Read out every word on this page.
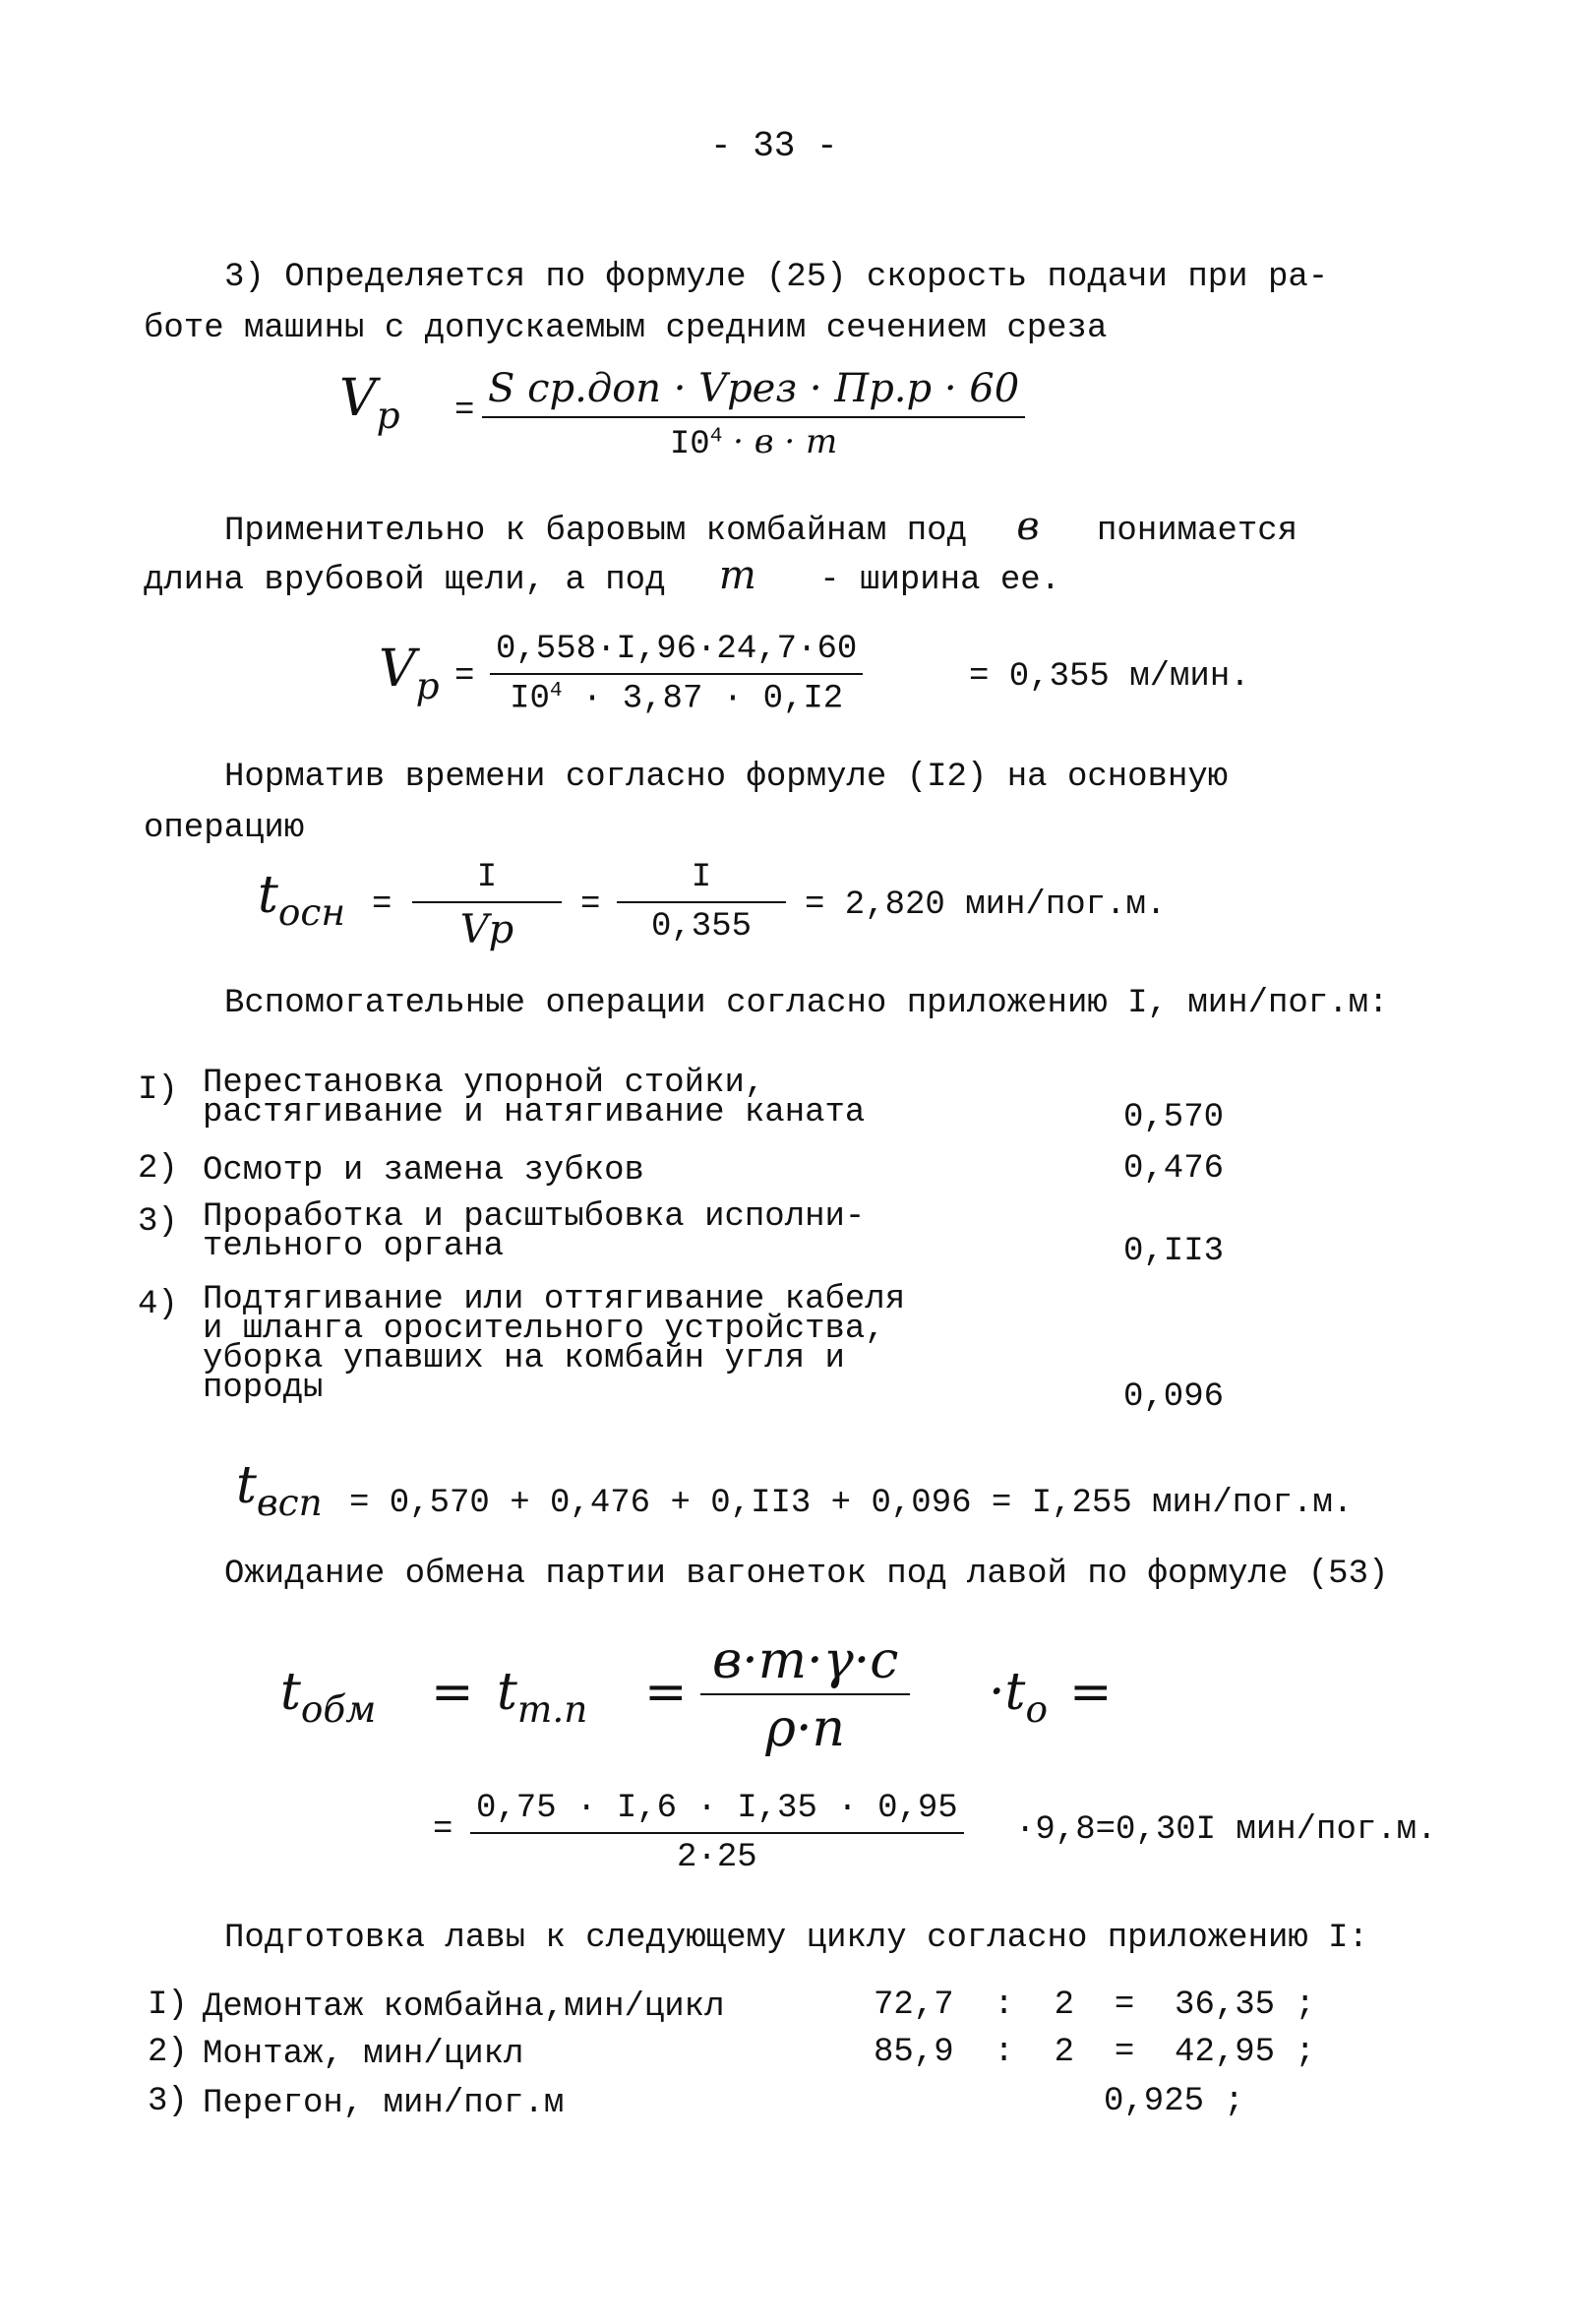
- 33 -
3) Определяется по формуле (25) скорость подачи при ра-
боте машины с допускаемым средним сечением среза
$V_р = S$ ср.доп · Vрез · Пр.р · 60
$I0^4 \cdot в \cdot m$
Применительно к баровым комбайнам под в понимается
длина врубовой щели, а под m - ширина ее.
$V_р = \frac{0,558\cdot I,96\cdot 24,7\cdot 60}{I0^4 \cdot 3,87 \cdot 0,I2}$	= 0,355 м/мин.
Норматив времени согласно формуле (I2) на основную
операцию
$t_{осн}$ =
I
Vр
= $\frac{I}{0,355} = 2,820$ мин/пог.м.
Вспомогательные операции согласно приложению I, мин/пог.м:
I) Перестановка упорной стойки,
растягивание и натягивание каната	0,570
2) Осмотр и замена зубков	0,476
3) Проработка и расштыбовка исполни-
тельного органа	0,II3
4) Подтягивание или оттягивание кабеля
и шланга оросительного устройства,
уборка упавших на комбайн угля и
породы	0,096
$t_{всп} = 0,570 + 0,476 + 0,II3 + 0,096 = I,255$ мин/пог.м.
Ожидание обмена партии вагонеток под лавой по формуле (53)
$t_{обм} = t_{m.n}$ =
в·m·γ·c
ρ·n
$\cdot t_o$ =
= $\frac{0,75 \cdot I,6 \cdot I,35 \cdot 0,95}{2\cdot 25} \cdot 9,8=0,30I$ мин/пог.м.
Подготовка лавы к следующему циклу согласно приложению I:
I) Демонтаж комбайна,мин/цикл	72,7  :  2  =  36,35 ;
2) Монтаж, мин/цикл	85,9  :  2  =  42,95 ;
3) Перегон, мин/пог.м	0,925 ;
